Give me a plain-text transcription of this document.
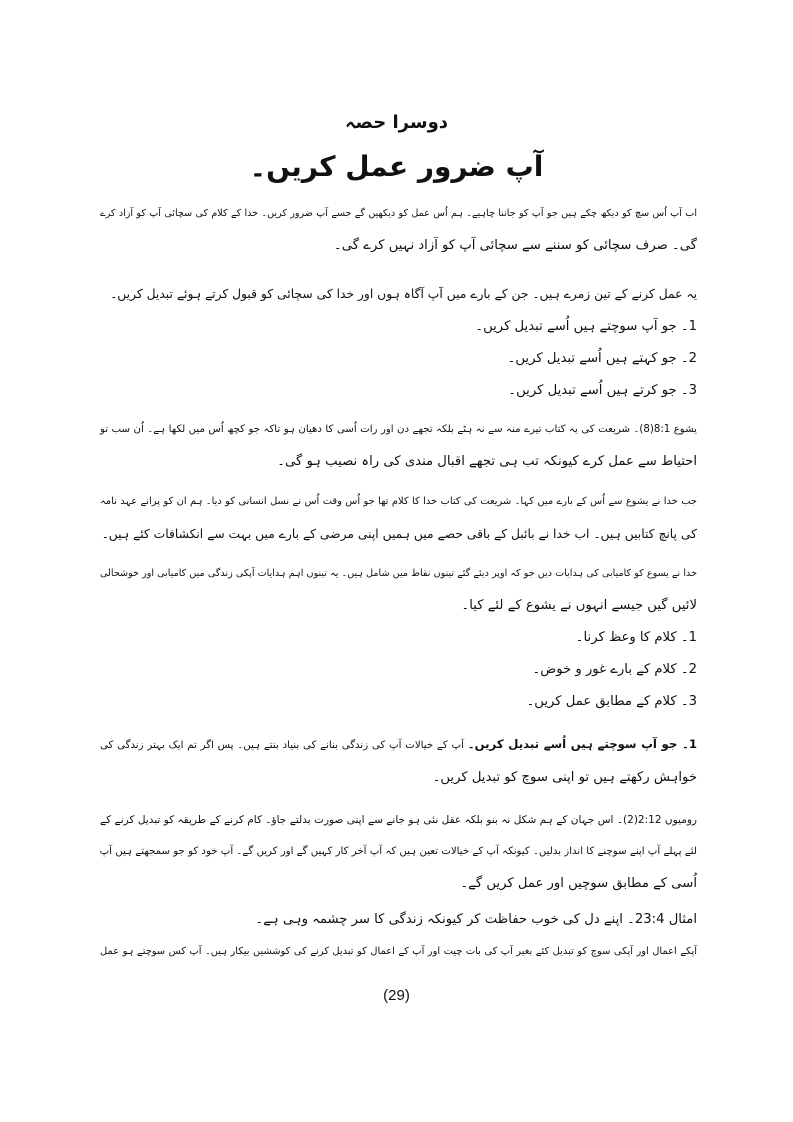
دوسرا حصہ
آپ ضرور عمل کریں۔
اب آپ اُس سچ کو دیکھ چکے ہیں جو آپ کو جاننا چاہیے۔ ہم اُس عمل کو دیکھیں گے جسے آپ ضرور کریں۔ خدا کے کلام کی سچائی آپ کو آزاد کرے
گی۔ صرف سچائی کو سننے سے سچائی آپ کو آزاد نہیں کرے گی۔
یہ عمل کرنے کے تین زمرے ہیں۔ جن کے بارے میں آپ آگاہ ہوں اور خدا کی سچائی کو قبول کرتے ہوئے تبدیل کریں۔
1۔ جو آپ سوچتے ہیں اُسے تبدیل کریں۔
2۔ جو کہتے ہیں اُسے تبدیل کریں۔
3۔ جو کرتے ہیں اُسے تبدیل کریں۔
یشوع 8:1(8)۔ شریعت کی یہ کتاب تیرے منہ سے نہ ہٹے بلکہ تجھے دن اور رات اُسی کا دھیان ہو تاکہ جو کچھ اُس میں لکھا ہے۔ اُن سب تو
احتیاط سے عمل کرے کیونکہ تب ہی تجھے اقبال مندی کی راہ نصیب ہو گی۔
جب خدا نے یشوع سے اُس کے بارے میں کہا۔ شریعت کی کتاب خدا کا کلام تھا جو اُس وقت اُس نے نسل انسانی کو دیا۔ ہم ان کو پرانے عہد نامہ
کی پانچ کتابیں ہیں۔ اب خدا نے بائبل کے باقی حصے میں ہمیں اپنی مرضی کے بارے میں بہت سے انکشافات کئے ہیں۔
خدا نے یسوع کو کامیابی کی ہدایات دیں جو کہ اوپر دیئے گئے تینوں نقاط میں شامل ہیں۔ یہ تینوں اہم ہدایات آپکی زندگی میں کامیابی اور خوشحالی
لائیں گیں جیسے انہوں نے یشوع کے لئے کیا۔
1۔ کلام کا وعظ کرنا۔
2۔ کلام کے بارے غور و خوض۔
3۔ کلام کے مطابق عمل کریں۔
1۔ جو آپ سوچتے ہیں اُسے تبدیل کریں۔ آپ کے خیالات آپ کی زندگی بنانے کی بنیاد بنتے ہیں۔ پس اگر تم ایک بہتر زندگی کی
خواہش رکھتے ہیں تو اپنی سوچ کو تبدیل کریں۔
رومیوں 2:12(2)۔ اس جہان کے ہم شکل نہ بنو بلکہ عقل نئی ہو جانے سے اپنی صورت بدلتے جاؤ۔ کام کرنے کے طریقہ کو تبدیل کرنے کے
لئے پہلے آپ اپنے سوچنے کا انداز بدلیں۔ کیونکہ آپ کے خیالات تعین ہیں کہ آپ آخر کار کہیں گے اور کریں گے۔ آپ خود کو جو سمجھتے ہیں آپ
اُسی کے مطابق سوچیں اور عمل کریں گے۔
امثال 23:4۔ اپنے دل کی خوب حفاظت کر کیونکہ زندگی کا سر چشمہ وہی ہے۔
آپکے اعمال اور آپکی سوچ کو تبدیل کئے بغیر آپ کی بات چیت اور آپ کے اعمال کو تبدیل کرنے کی کوششیں بیکار ہیں۔ آپ کس سوچتے ہو عمل
(29)
